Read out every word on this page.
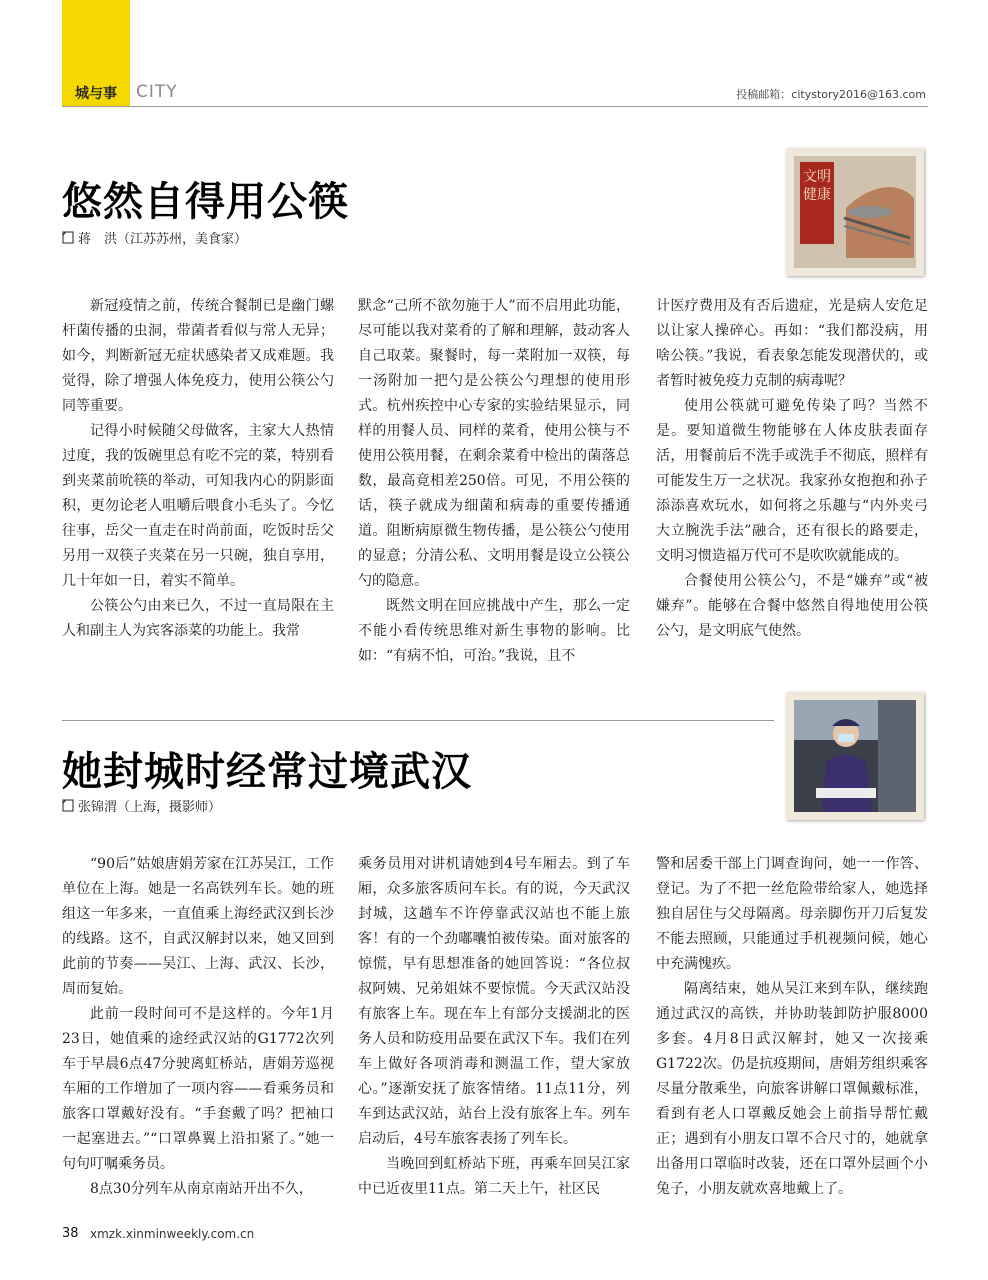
城与事	CITY	投稿邮箱：citystory2016@163.com
悠然自得用公筷
蒋　洪（江苏苏州，美食家）
文明健康

新冠疫情之前，传统合餐制已是幽门螺杆菌传播的虫洞，带菌者看似与常人无异；如今，判断新冠无症状感染者又成难题。我觉得，除了增强人体免疫力，使用公筷公勺同等重要。

记得小时候随父母做客，主家大人热情过度，我的饭碗里总有吃不完的菜，特别看到夹菜前吮筷的举动，可知我内心的阴影面积，更勿论老人咀嚼后喂食小毛头了。今忆往事，岳父一直走在时尚前面，吃饭时岳父另用一双筷子夹菜在另一只碗，独自享用，几十年如一日，着实不简单。

公筷公勺由来已久，不过一直局限在主人和副主人为宾客添菜的功能上。我常

默念“己所不欲勿施于人”而不启用此功能，尽可能以我对菜肴的了解和理解，鼓动客人自己取菜。聚餐时，每一菜附加一双筷，每一汤附加一把勺是公筷公勺理想的使用形式。杭州疾控中心专家的实验结果显示，同样的用餐人员、同样的菜肴，使用公筷与不使用公筷用餐，在剩余菜肴中检出的菌落总数，最高竟相差250倍。可见，不用公筷的话，筷子就成为细菌和病毒的重要传播通道。阻断病原微生物传播，是公筷公勺使用的显意；分清公私、文明用餐是设立公筷公勺的隐意。

既然文明在回应挑战中产生，那么一定不能小看传统思维对新生事物的影响。比如：“有病不怕，可治。”我说，且不

计医疗费用及有否后遗症，光是病人安危足以让家人操碎心。再如：“我们都没病，用啥公筷。”我说，看表象怎能发现潜伏的，或者暂时被免疫力克制的病毒呢？

使用公筷就可避免传染了吗？当然不是。要知道微生物能够在人体皮肤表面存活，用餐前后不洗手或洗手不彻底，照样有可能发生万一之状况。我家孙女抱抱和孙子添添喜欢玩水，如何将之乐趣与“内外夹弓大立腕洗手法”融合，还有很长的路要走，文明习惯造福万代可不是吹吹就能成的。

合餐使用公筷公勺，不是“嫌弃”或“被嫌弃”。能够在合餐中悠然自得地使用公筷公勺，是文明底气使然。

她封城时经常过境武汉
张锦渭（上海，摄影师）

“90后”姑娘唐娟芳家在江苏吴江，工作单位在上海。她是一名高铁列车长。她的班组这一年多来，一直值乘上海经武汉到长沙的线路。这不，自武汉解封以来，她又回到此前的节奏——吴江、上海、武汉、长沙，周而复始。

此前一段时间可不是这样的。今年1月23日，她值乘的途经武汉站的G1772次列车于早晨6点47分驶离虹桥站，唐娟芳巡视车厢的工作增加了一项内容——看乘务员和旅客口罩戴好没有。“手套戴了吗？把袖口一起塞进去。”“口罩鼻翼上沿扣紧了。”她一句句叮嘱乘务员。

8点30分列车从南京南站开出不久，

乘务员用对讲机请她到4号车厢去。到了车厢，众多旅客质问车长。有的说，今天武汉封城，这趟车不许停靠武汉站也不能上旅客！有的一个劲嘟囔怕被传染。面对旅客的惊慌，早有思想准备的她回答说：“各位叔叔阿姨、兄弟姐妹不要惊慌。今天武汉站没有旅客上车。现在车上有部分支援湖北的医务人员和防疫用品要在武汉下车。我们在列车上做好各项消毒和测温工作，望大家放心。”逐渐安抚了旅客情绪。11点11分，列车到达武汉站，站台上没有旅客上车。列车启动后，4号车旅客表扬了列车长。

当晚回到虹桥站下班，再乘车回吴江家中已近夜里11点。第二天上午，社区民

警和居委干部上门调查询问，她一一作答、登记。为了不把一丝危险带给家人，她选择独自居住与父母隔离。母亲脚伤开刀后复发不能去照顾，只能通过手机视频问候，她心中充满愧疚。

隔离结束，她从吴江来到车队，继续跑通过武汉的高铁，并协助装卸防护服8000多套。4月8日武汉解封，她又一次接乘G1722次。仍是抗疫期间，唐娟芳组织乘客尽量分散乘坐，向旅客讲解口罩佩戴标准，看到有老人口罩戴反她会上前指导帮忙戴正；遇到有小朋友口罩不合尺寸的，她就拿出备用口罩临时改装，还在口罩外层画个小兔子，小朋友就欢喜地戴上了。

38 xmzk.xinminweekly.com.cn
